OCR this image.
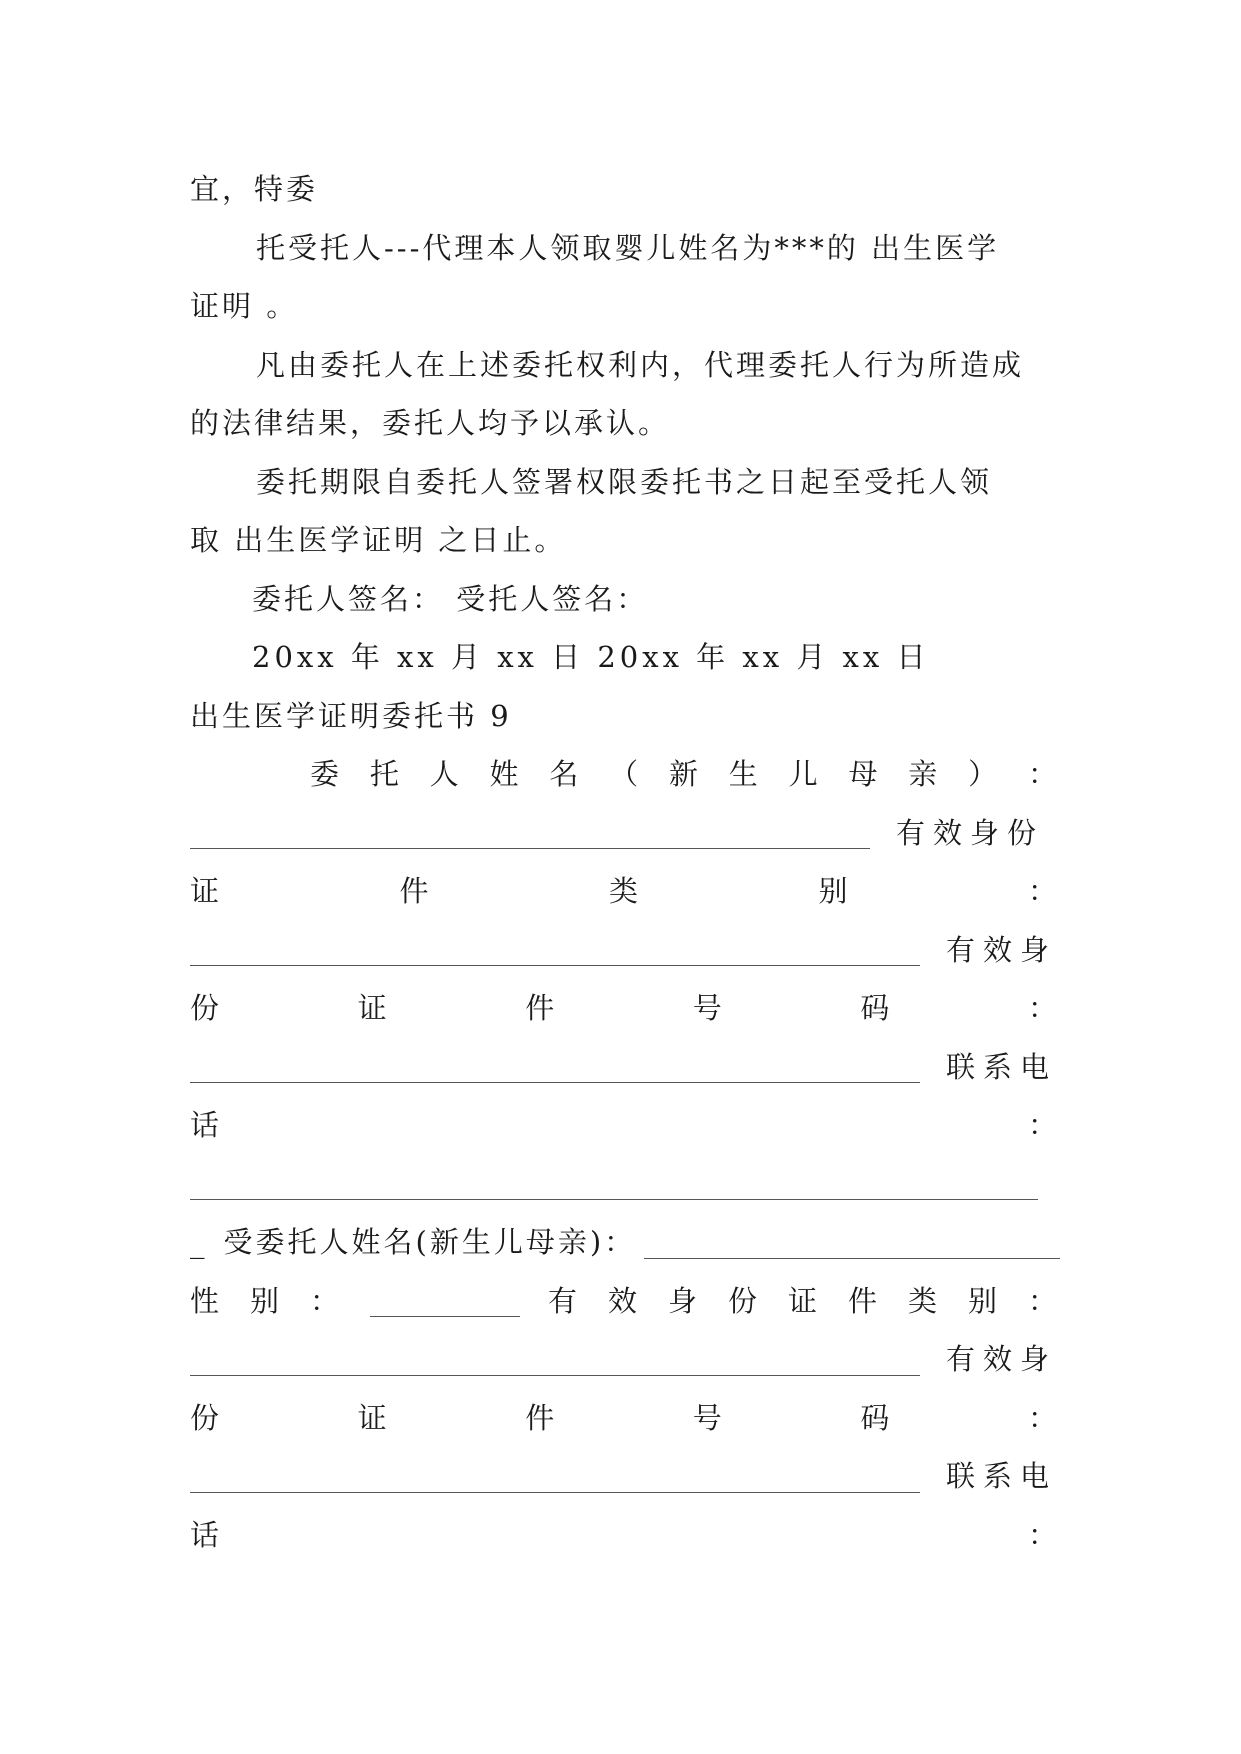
宜，特委
托受托人---代理本人领取婴儿姓名为***的 出生医学
证明 。
凡由委托人在上述委托权利内，代理委托人行为所造成
的法律结果，委托人均予以承认。
委托期限自委托人签署权限委托书之日起至受托人领
取 出生医学证明 之日止。
委托人签名： 受托人签名：
20xx 年 xx 月 xx 日 20xx 年 xx 月 xx 日
出生医学证明委托书 9
委 托 人 姓 名 （ 新 生 儿 母 亲 ） ：
有效身份
证	件	类	别	：
有效身
份	证	件	号	码	：
联系电
话	：
_ 受委托人姓名(新生儿母亲)：
性 别 ：	有 效 身 份 证 件 类 别 ：
有效身
份	证	件	号	码	：
联系电
话	：
